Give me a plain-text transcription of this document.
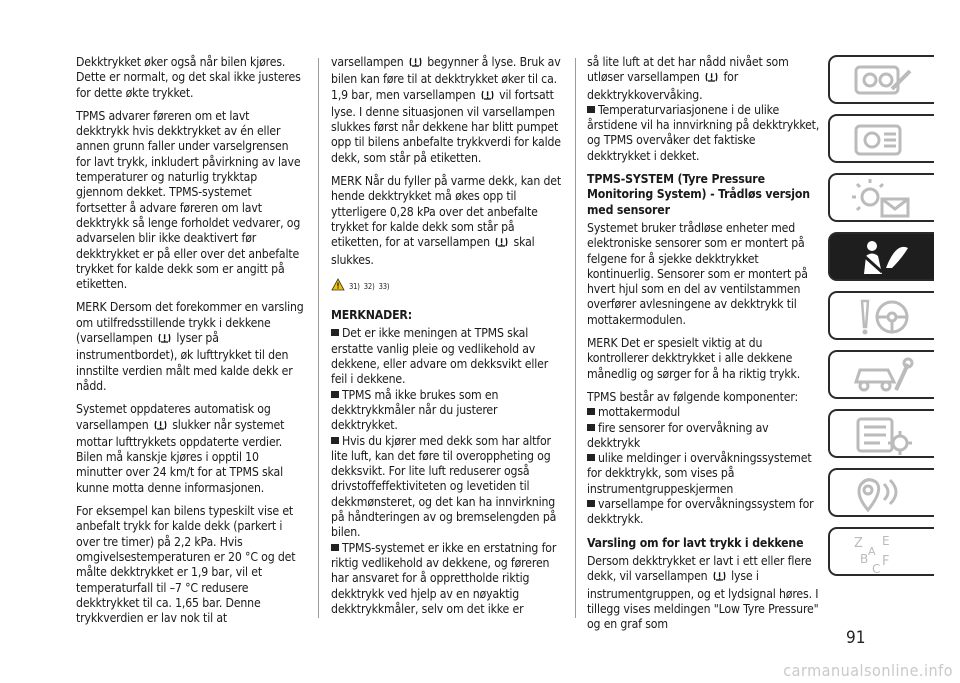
Dekktrykket øker også når bilen kjøres. Dette er normalt, og det skal ikke justeres for dette økte trykket.

TPMS advarer føreren om et lavt dekktrykk hvis dekktrykket av én eller annen grunn faller under varselgrensen for lavt trykk, inkludert påvirkning av lave temperaturer og naturlig trykktap gjennom dekket. TPMS-systemet fortsetter å advare føreren om lavt dekktrykk så lenge forholdet vedvarer, og advarselen blir ikke deaktivert før dekktrykket er på eller over det anbefalte trykket for kalde dekk som er angitt på etiketten.

MERK Dersom det forekommer en varsling om utilfredsstillende trykk i dekkene (varsellampen  lyser på instrumentbordet), øk lufttrykket til den innstilte verdien målt med kalde dekk er nådd.

Systemet oppdateres automatisk og varsellampen  slukker når systemet mottar lufttrykkets oppdaterte verdier. Bilen må kanskje kjøres i opptil 10 minutter over 24 km/t for at TPMS skal kunne motta denne informasjonen.

For eksempel kan bilens typeskilt vise et anbefalt trykk for kalde dekk (parkert i over tre timer) på 2,2 kPa. Hvis omgivelsestemperaturen er 20 °C og det målte dekktrykket er 1,9 bar, vil et temperaturfall til –7 °C redusere dekktrykket til ca. 1,65 bar. Denne trykkverdien er lav nok til at

varsellampen  begynner å lyse. Bruk av bilen kan føre til at dekktrykket øker til ca. 1,9 bar, men varsellampen  vil fortsatt lyse. I denne situasjonen vil varsellampen slukkes først når dekkene har blitt pumpet opp til bilens anbefalte trykkverdi for kalde dekk, som står på etiketten.

MERK Når du fyller på varme dekk, kan det hende dekktrykket må økes opp til ytterligere 0,28 kPa over det anbefalte trykket for kalde dekk som står på etiketten, for at varsellampen  skal slukkes.

31) 32) 33)

MERKNADER:

Det er ikke meningen at TPMS skal erstatte vanlig pleie og vedlikehold av dekkene, eller advare om dekksvikt eller feil i dekkene.

TPMS må ikke brukes som en dekktrykkmåler når du justerer dekktrykket.

Hvis du kjører med dekk som har altfor lite luft, kan det føre til overoppheting og dekksvikt. For lite luft reduserer også drivstoffeffektiviteten og levetiden til dekkmønsteret, og det kan ha innvirkning på håndteringen av og bremselengden på bilen.

TPMS-systemet er ikke en erstatning for riktig vedlikehold av dekkene, og føreren har ansvaret for å opprettholde riktig dekktrykk ved hjelp av en nøyaktig dekktrykkmåler, selv om det ikke er

så lite luft at det har nådd nivået som utløser varsellampen  for dekktrykkovervåking.

Temperaturvariasjonene i de ulike årstidene vil ha innvirkning på dekktrykket, og TPMS overvåker det faktiske dekktrykket i dekket.

TPMS-SYSTEM (Tyre Pressure Monitoring System) - Trådløs versjon med sensorer

Systemet bruker trådløse enheter med elektroniske sensorer som er montert på felgene for å sjekke dekktrykket kontinuerlig. Sensorer som er montert på hvert hjul som en del av ventilstammen overfører avlesningene av dekktrykk til mottakermodulen.

MERK Det er spesielt viktig at du kontrollerer dekktrykket i alle dekkene månedlig og sørger for å ha riktig trykk.

TPMS består av følgende komponenter:

mottakermodul

fire sensorer for overvåkning av dekktrykk

ulike meldinger i overvåkningssystemet for dekktrykk, som vises på instrumentgruppeskjermen

varsellampe for overvåkningssystem for dekktrykk.

Varsling om for lavt trykk i dekkene

Dersom dekktrykket er lavt i ett eller flere dekk, vil varsellampen  lyse i instrumentgruppen, og et lydsignal høres. I tillegg vises meldingen "Low Tyre Pressure" og en graf som

Z E
B F
C
A
91
carmanualsonline.info
